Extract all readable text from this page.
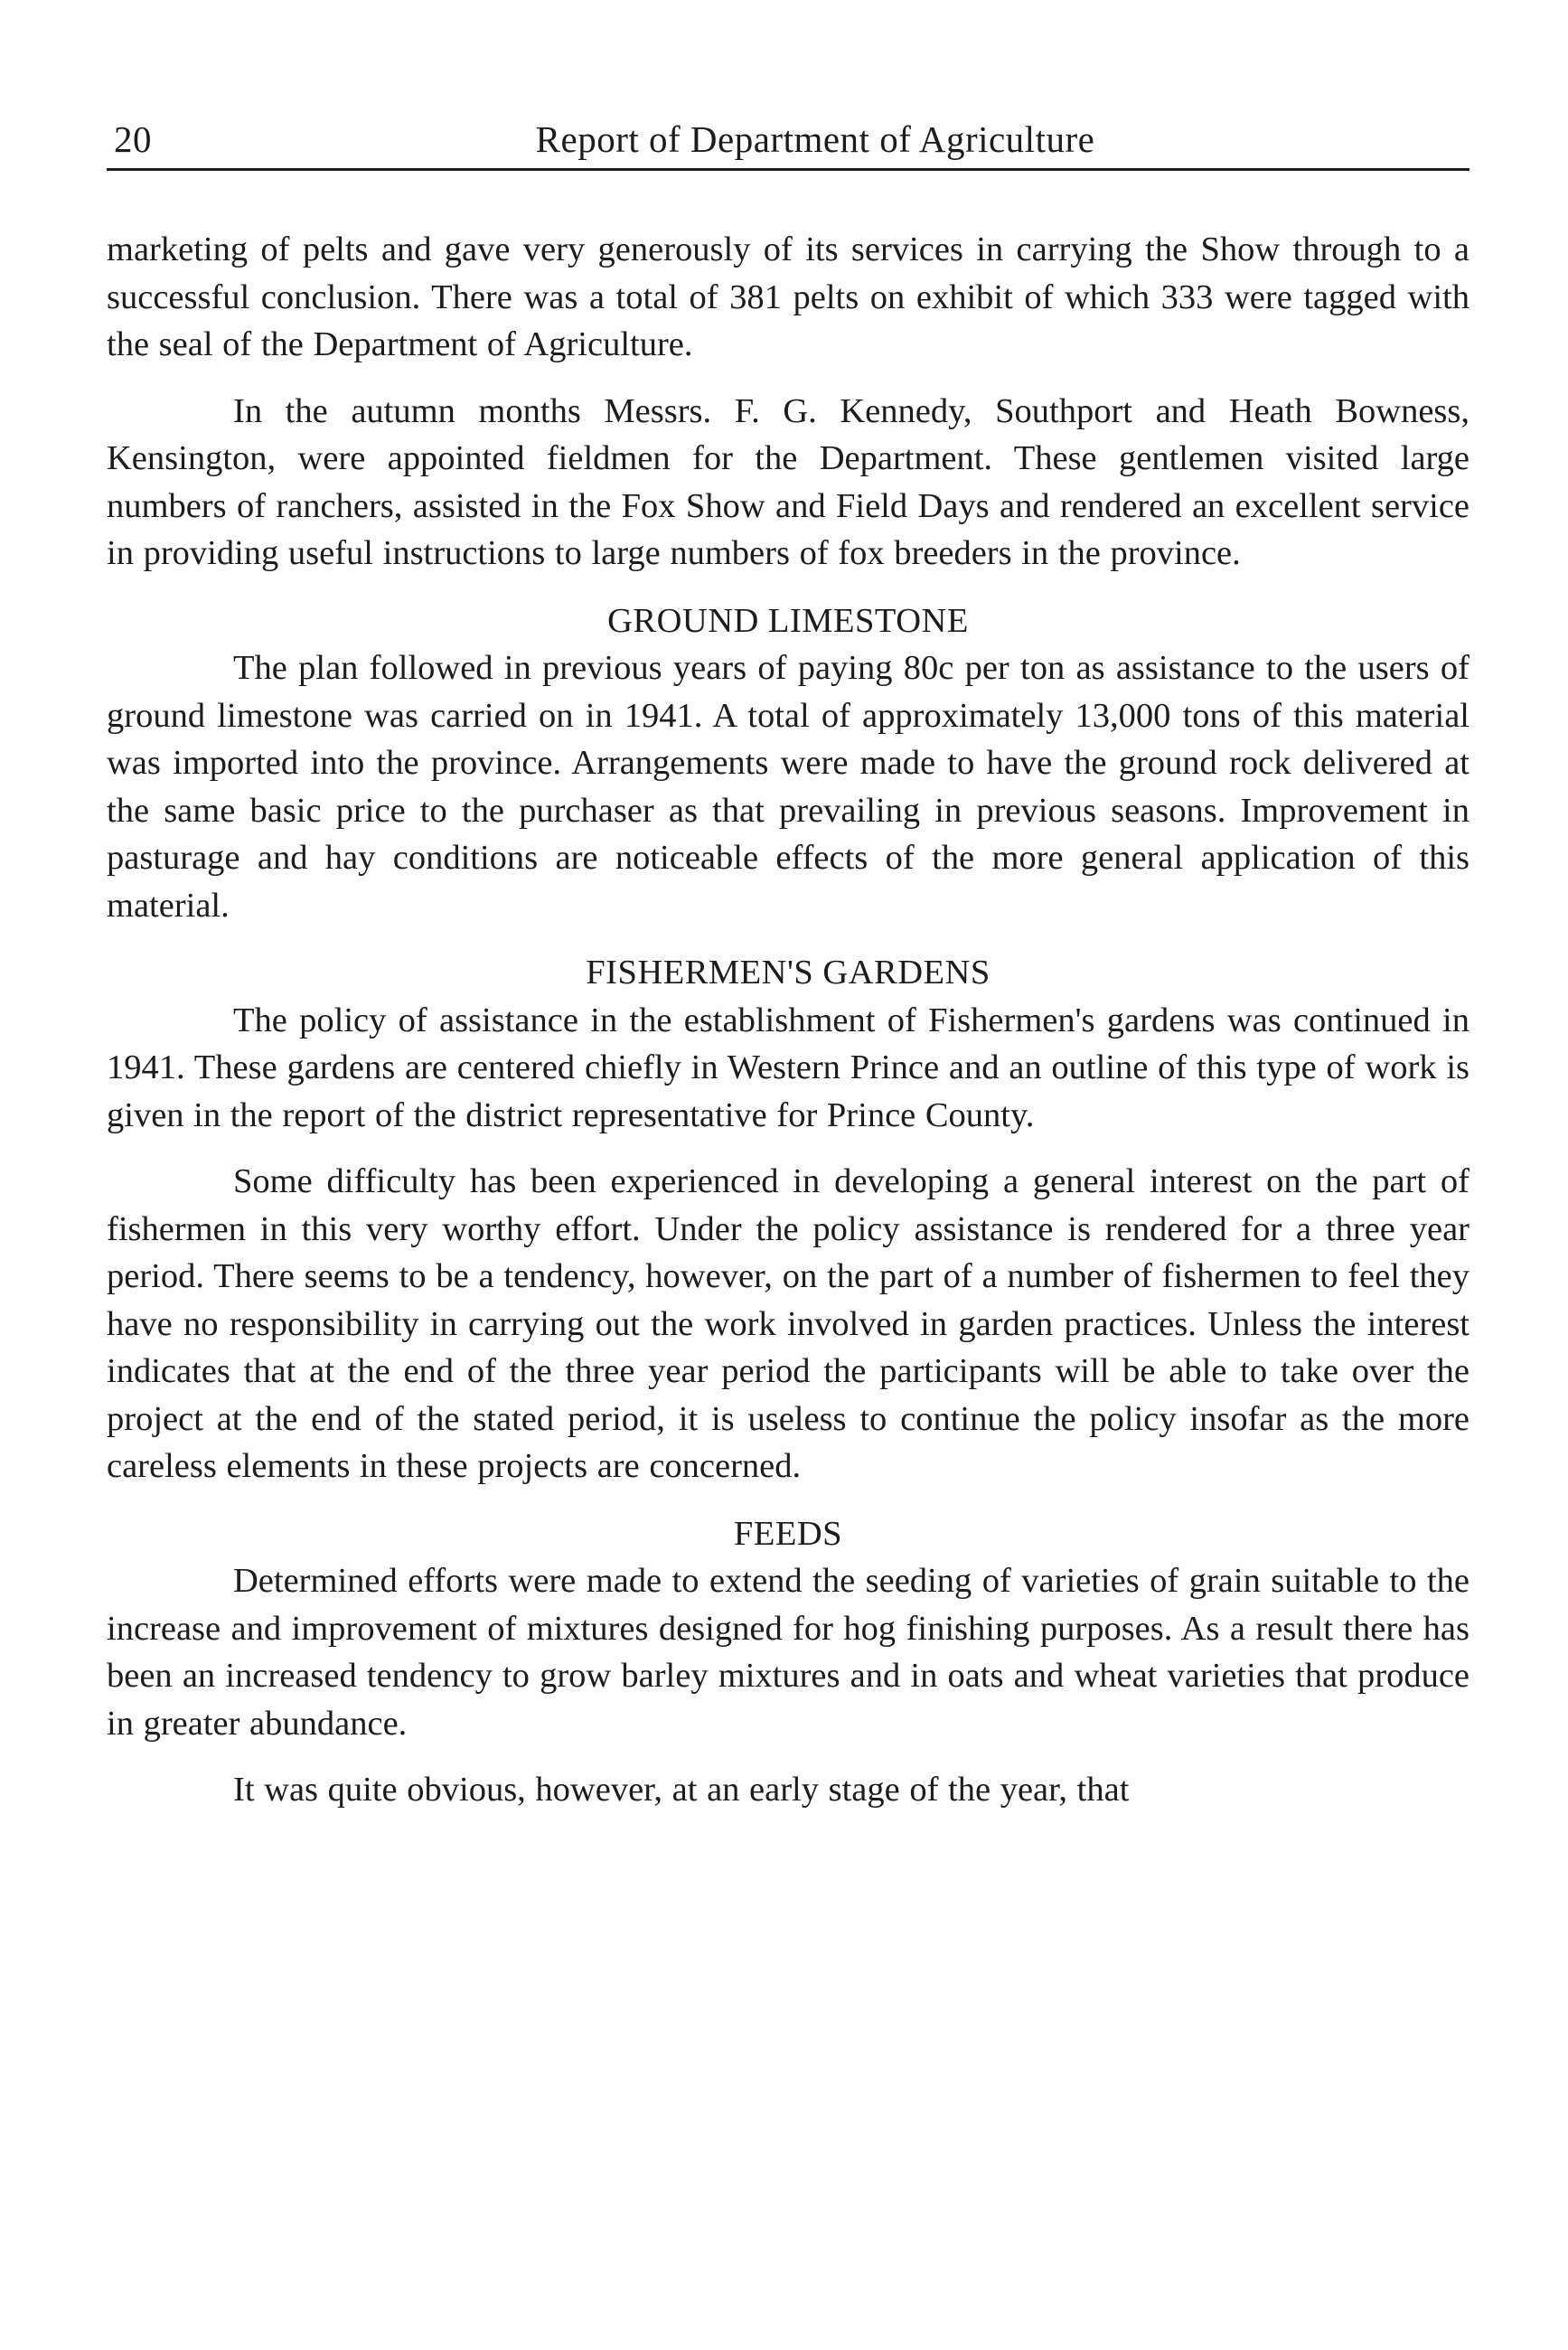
20	Report of Department of Agriculture

marketing of pelts and gave very generously of its services in carrying the Show through to a successful conclusion. There was a total of 381 pelts on exhibit of which 333 were tagged with the seal of the Department of Agriculture.

In the autumn months Messrs. F. G. Kennedy, Southport and Heath Bowness, Kensington, were appointed fieldmen for the Department. These gentlemen visited large numbers of ranchers, assisted in the Fox Show and Field Days and rendered an excellent service in providing useful instructions to large numbers of fox breeders in the province.

GROUND LIMESTONE

The plan followed in previous years of paying 80c per ton as assistance to the users of ground limestone was carried on in 1941. A total of approximately 13,000 tons of this material was imported into the province. Arrangements were made to have the ground rock delivered at the same basic price to the purchaser as that prevailing in previous seasons. Improvement in pasturage and hay conditions are noticeable effects of the more general application of this material.

FISHERMEN'S GARDENS

The policy of assistance in the establishment of Fishermen's gardens was continued in 1941. These gardens are centered chiefly in Western Prince and an outline of this type of work is given in the report of the district representative for Prince County.

Some difficulty has been experienced in developing a general interest on the part of fishermen in this very worthy effort. Under the policy assistance is rendered for a three year period. There seems to be a tendency, however, on the part of a number of fishermen to feel they have no responsibility in carrying out the work involved in garden practices. Unless the interest indicates that at the end of the three year period the participants will be able to take over the project at the end of the stated period, it is useless to continue the policy insofar as the more careless elements in these projects are concerned.

FEEDS

Determined efforts were made to extend the seeding of varieties of grain suitable to the increase and improvement of mixtures designed for hog finishing purposes. As a result there has been an increased tendency to grow barley mixtures and in oats and wheat varieties that produce in greater abundance.

It was quite obvious, however, at an early stage of the year, that
